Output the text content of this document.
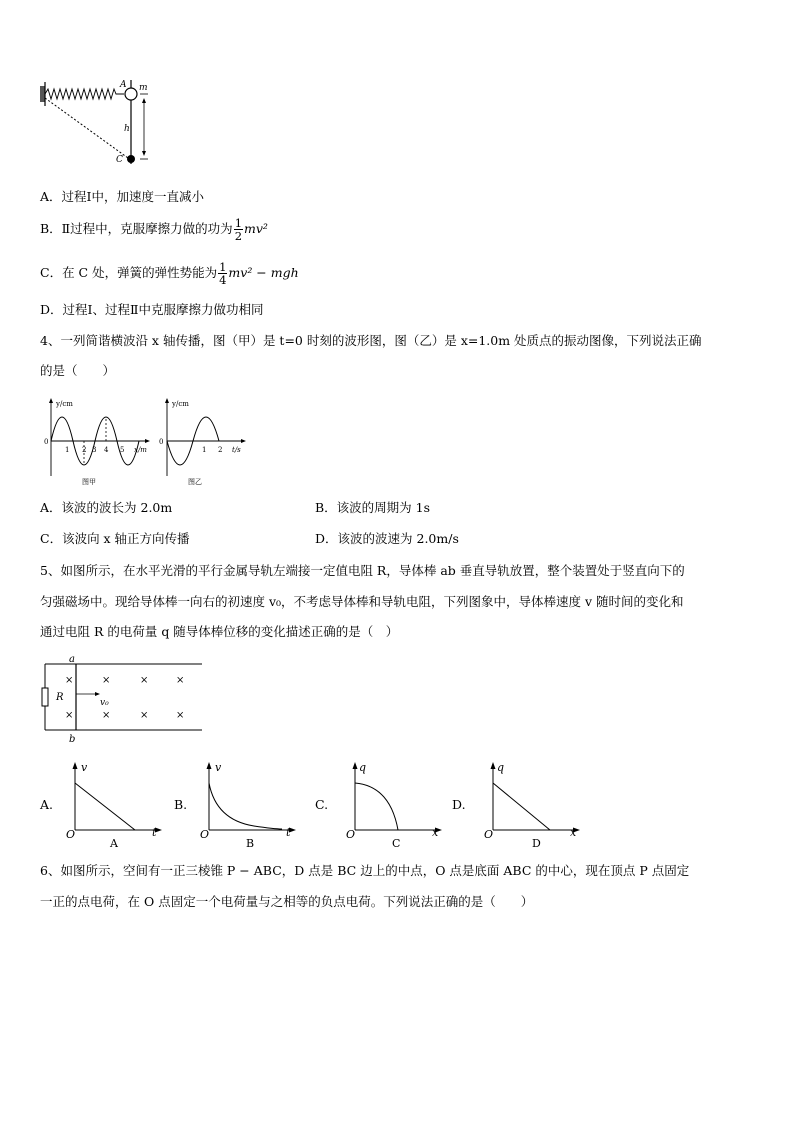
A m
h
C
A．过程Ⅰ中，加速度一直减小
B．Ⅱ过程中，克服摩擦力做的功为 $\frac{1}{2} mv^2$
C．在 C 处，弹簧的弹性势能为 $\frac{1}{4} mv^2$ − mgh
D．过程Ⅰ、过程Ⅱ中克服摩擦力做功相同
4、一列简谐横波沿 x 轴传播，图（甲）是 t=0 时刻的波形图，图（乙）是 x=1.0m 处质点的振动图像，下列说法正确
的是（　　）
y/cm
0
1 2 3 4 5 x/m
图甲
y/cm
0
1 2 t/s
图乙
A．该波的波长为 2.0m	B．该波的周期为 1s
C．该波向 x 轴正方向传播	D．该波的波速为 2.0m/s
5、如图所示，在水平光滑的平行金属导轨左端接一定值电阻 R，导体棒 ab 垂直导轨放置，整个装置处于竖直向下的
匀强磁场中。现给导体棒一向右的初速度 v₀，不考虑导体棒和导轨电阻，下列图象中，导体棒速度 v 随时间的变化和
通过电阻 R 的电荷量 q 随导体棒位移的变化描述正确的是（　）
a
b
R	v₀
×	×	×	×
×	×	×	×
A.
v
O	t
A
B.
v
O	t
B
C.
q
O	x
C
D.
q
O	x
D
6、如图所示，空间有一正三棱锥 P − ABC，D 点是 BC 边上的中点，O 点是底面 ABC 的中心，现在顶点 P 点固定
一正的点电荷，在 O 点固定一个电荷量与之相等的负点电荷。下列说法正确的是（　　）
